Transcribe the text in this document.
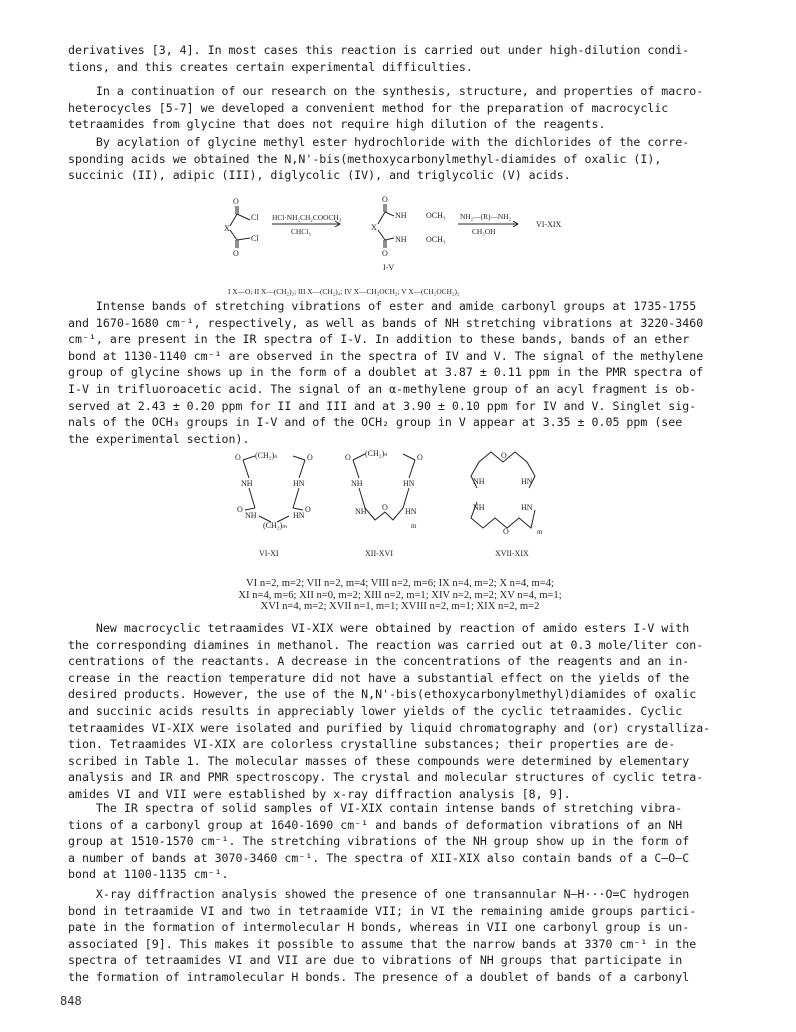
derivatives [3, 4]. In most cases this reaction is carried out under high-dilution condi-
tions, and this creates certain experimental difficulties.
In a continuation of our research on the synthesis, structure, and properties of macro-
heterocycles [5-7] we developed a convenient method for the preparation of macrocyclic
tetraamides from glycine that does not require high dilution of the reagents.
By acylation of glycine methyl ester hydrochloride with the dichlorides of the corre-
sponding acids we obtained the N,N'-bis(methoxycarbonylmethyl-diamides of oxalic (I),
succinic (II), adipic (III), diglycolic (IV), and triglycolic (V) acids.
O
Cl
X
Cl
O
HCl·NH₂CH₂COOCH₃
CHCl₃
O
NH OCH₃
X
NH OCH₃
O
NH₂—(R)—NH₂
CH₃OH
VI-XIX
I-V
I X—O; II X—(CH₂)₂; III X—(CH₂)₄; IV X—CH₂OCH₂; V X—(CH₂OCH₂)₂
Intense bands of stretching vibrations of ester and amide carbonyl groups at 1735-1755
and 1670-1680 cm⁻¹, respectively, as well as bands of NH stretching vibrations at 3220-3460
cm⁻¹, are present in the IR spectra of I-V. In addition to these bands, bands of an ether
bond at 1130-1140 cm⁻¹ are observed in the spectra of IV and V. The signal of the methylene
group of glycine shows up in the form of a doublet at 3.87 ± 0.11 ppm in the PMR spectra of
I-V in trifluoroacetic acid. The signal of an α-methylene group of an acyl fragment is ob-
served at 2.43 ± 0.20 ppm for II and III and at 3.90 ± 0.10 ppm for IV and V. Singlet sig-
nals of the OCH₃ groups in I-V and of the OCH₂ group in V appear at 3.35 ± 0.05 ppm (see
the experimental section).
(CH₂)ₙ
O	O
NH	HN
O	O
NH	HN
(CH₂)ₘ
VI-XI
(CH₂)ₙ
O	O
NH	HN
NH	HN
O
m
XII-XVI
O
NH	HN
NH	HN
O	m
XVII-XIX
VI n=2, m=2; VII n=2, m=4; VIII n=2, m=6; IX n=4, m=2; X n=4, m=4;
XI n=4, m=6; XII n=0, m=2; XIII n=2, m=1; XIV n=2, m=2; XV n=4, m=1;
XVI n=4, m=2; XVII n=1, m=1; XVIII n=2, m=1; XIX n=2, m=2
New macrocyclic tetraamides VI-XIX were obtained by reaction of amido esters I-V with
the corresponding diamines in methanol. The reaction was carried out at 0.3 mole/liter con-
centrations of the reactants. A decrease in the concentrations of the reagents and an in-
crease in the reaction temperature did not have a substantial effect on the yields of the
desired products. However, the use of the N,N'-bis(ethoxycarbonylmethyl)diamides of oxalic
and succinic acids results in appreciably lower yields of the cyclic tetraamides. Cyclic
tetraamides VI-XIX were isolated and purified by liquid chromatography and (or) crystalliza-
tion. Tetraamides VI-XIX are colorless crystalline substances; their properties are de-
scribed in Table 1. The molecular masses of these compounds were determined by elementary
analysis and IR and PMR spectroscopy. The crystal and molecular structures of cyclic tetra-
amides VI and VII were established by x-ray diffraction analysis [8, 9].
The IR spectra of solid samples of VI-XIX contain intense bands of stretching vibra-
tions of a carbonyl group at 1640-1690 cm⁻¹ and bands of deformation vibrations of an NH
group at 1510-1570 cm⁻¹. The stretching vibrations of the NH group show up in the form of
a number of bands at 3070-3460 cm⁻¹. The spectra of XII-XIX also contain bands of a C—O—C
bond at 1100-1135 cm⁻¹.
X-ray diffraction analysis showed the presence of one transannular N—H···O=C hydrogen
bond in tetraamide VI and two in tetraamide VII; in VI the remaining amide groups partici-
pate in the formation of intermolecular H bonds, whereas in VII one carbonyl group is un-
associated [9]. This makes it possible to assume that the narrow bands at 3370 cm⁻¹ in the
spectra of tetraamides VI and VII are due to vibrations of NH groups that participate in
the formation of intramolecular H bonds. The presence of a doublet of bands of a carbonyl
848
